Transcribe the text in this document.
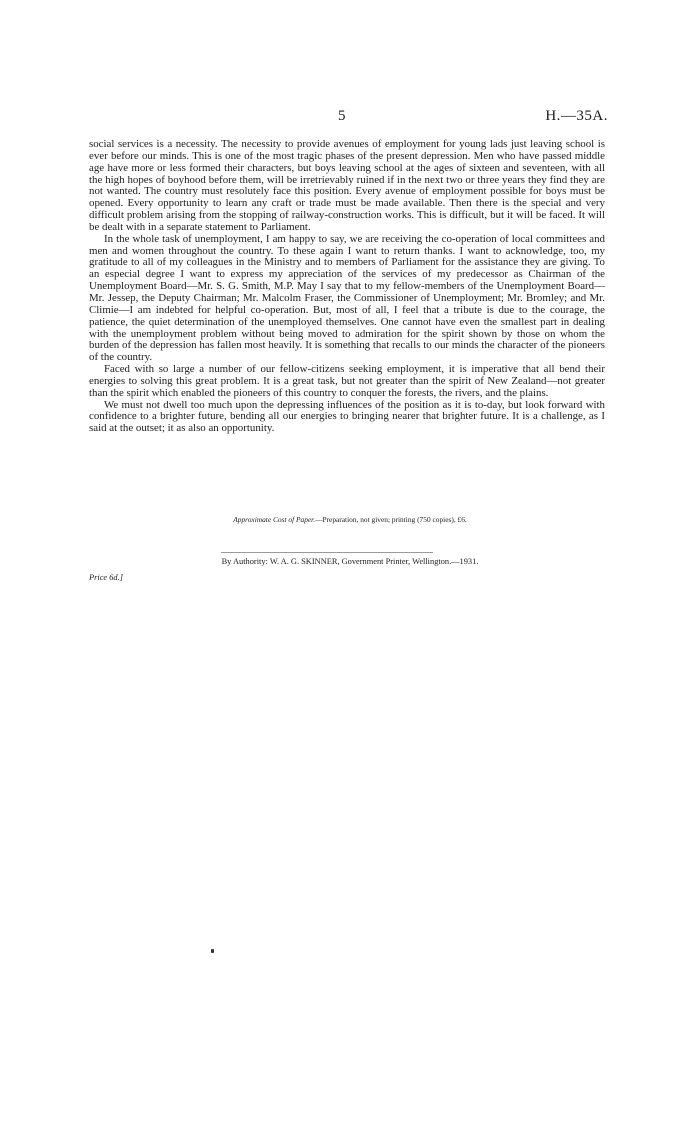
5	H.—35A.

social services is a necessity. The necessity to provide avenues of employment for young lads just leaving school is ever before our minds. This is one of the most tragic phases of the present depression. Men who have passed middle age have more or less formed their characters, but boys leaving school at the ages of sixteen and seventeen, with all the high hopes of boyhood before them, will be irretrievably ruined if in the next two or three years they find they are not wanted. The country must resolutely face this position. Every avenue of employment possible for boys must be opened. Every opportunity to learn any craft or trade must be made available. Then there is the special and very difficult problem arising from the stopping of railway-construction works. This is difficult, but it will be faced. It will be dealt with in a separate statement to Parliament.

In the whole task of unemployment, I am happy to say, we are receiving the co-operation of local committees and men and women throughout the country. To these again I want to return thanks. I want to acknowledge, too, my gratitude to all of my colleagues in the Ministry and to members of Parliament for the assistance they are giving. To an especial degree I want to express my appreciation of the services of my predecessor as Chairman of the Unemployment Board—Mr. S. G. Smith, M.P. May I say that to my fellow-members of the Unemployment Board—Mr. Jessep, the Deputy Chairman; Mr. Malcolm Fraser, the Commissioner of Unemployment; Mr. Bromley; and Mr. Climie—I am indebted for helpful co-operation. But, most of all, I feel that a tribute is due to the courage, the patience, the quiet determination of the unemployed themselves. One cannot have even the smallest part in dealing with the unemployment problem without being moved to admiration for the spirit shown by those on whom the burden of the depression has fallen most heavily. It is something that recalls to our minds the character of the pioneers of the country.

Faced with so large a number of our fellow-citizens seeking employment, it is imperative that all bend their energies to solving this great problem. It is a great task, but not greater than the spirit of New Zealand—not greater than the spirit which enabled the pioneers of this country to conquer the forests, the rivers, and the plains.

We must not dwell too much upon the depressing influences of the position as it is to-day, but look forward with confidence to a brighter future, bending all our energies to bringing nearer that brighter future. It is a challenge, as I said at the outset; it as also an opportunity.

Approximate Cost of Paper.—Preparation, not given; printing (750 copies), £6.

By Authority: W. A. G. SKINNER, Government Printer, Wellington.—1931.

Price 6d.]
